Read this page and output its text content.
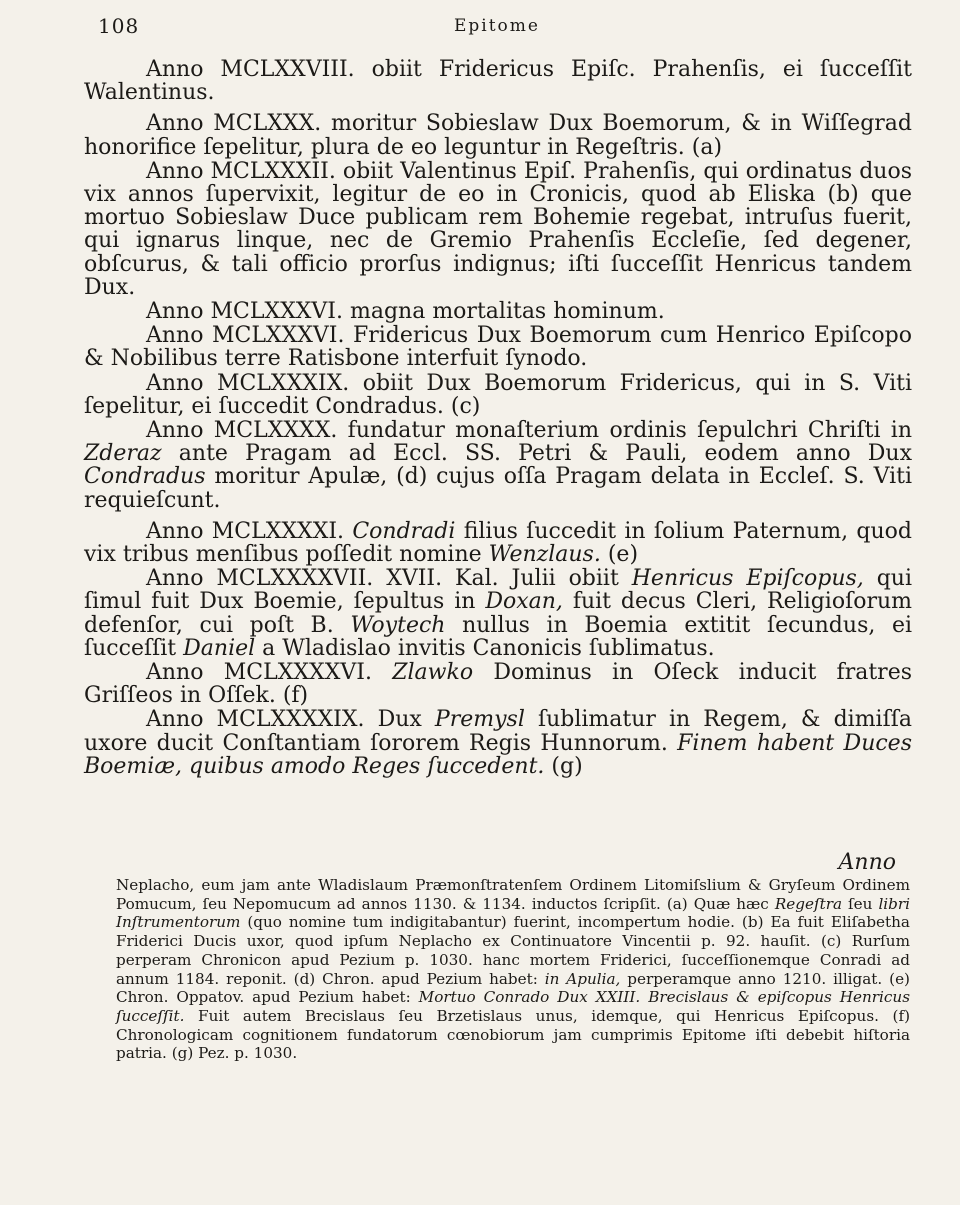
108	Epitome

Anno MCLXXVIII. obiit Fridericus Epiſc. Prahenſis, ei ſucceſſit Walentinus.

Anno MCLXXX. moritur Sobieslaw Dux Boemorum, & in Wiſſegrad honorifice ſepelitur, plura de eo leguntur in Regeſtris. (a)

Anno MCLXXXII. obiit Valentinus Epiſ. Prahenſis, qui ordinatus duos vix annos ſupervixit, legitur de eo in Cronicis, quod ab Eliska (b) que mortuo Sobieslaw Duce publicam rem Bohemie regebat, intruſus fuerit, qui ignarus linque, nec de Gremio Prahenſis Eccleſie, ſed degener, obſcurus, & tali officio prorſus indignus; iſti ſucceſſit Henricus tandem Dux.

Anno MCLXXXVI. magna mortalitas hominum.

Anno MCLXXXVI. Fridericus Dux Boemorum cum Henrico Epiſcopo & Nobilibus terre Ratisbone interfuit ſynodo.

Anno MCLXXXIX. obiit Dux Boemorum Fridericus, qui in S. Viti ſepelitur, ei ſuccedit Condradus. (c)

Anno MCLXXXX. fundatur monaſterium ordinis ſepulchri Chriſti in Zderaz ante Pragam ad Eccl. SS. Petri & Pauli, eodem anno Dux Condradus moritur Apulæ, (d) cujus oſſa Pragam delata in Eccleſ. S. Viti requieſcunt.

Anno MCLXXXXI. Condradi filius ſuccedit in ſolium Paternum, quod vix tribus menſibus poſſedit nomine Wenzlaus. (e)

Anno MCLXXXXVII. XVII. Kal. Julii obiit Henricus Epiſcopus, qui ſimul fuit Dux Boemie, ſepultus in Doxan, fuit decus Cleri, Religioſorum defenſor, cui poſt B. Woytech nullus in Boemia extitit ſecundus, ei ſucceſſit Daniel a Wladislao invitis Canonicis ſublimatus.

Anno MCLXXXXVI. Zlawko Dominus in Oſeck inducit fratres Griſſeos in Oſſek. (f)

Anno MCLXXXXIX. Dux Premysl ſublimatur in Regem, & dimiſſa uxore ducit Conſtantiam ſororem Regis Hunnorum. Finem habent Duces Boemiæ, quibus amodo Reges ſuccedent. (g)

Anno

Neplacho, eum jam ante Wladislaum Præmonſtratenſem Ordinem Litomiſslium & Gryſeum Ordinem Pomucum, ſeu Nepomucum ad annos 1130. & 1134. inductos ſcripſit. (a) Quæ hæc Regeſtra ſeu libri Inſtrumentorum (quo nomine tum indigitabantur) fuerint, incompertum hodie. (b) Ea fuit Eliſabetha Friderici Ducis uxor, quod ipſum Neplacho ex Continuatore Vincentii p. 92. hauſit. (c) Rurſum perperam Chronicon apud Pezium p. 1030. hanc mortem Friderici, ſucceſſionemque Conradi ad annum 1184. reponit. (d) Chron. apud Pezium habet: in Apulia, perperamque anno 1210. illigat. (e) Chron. Oppatov. apud Pezium habet: Mortuo Conrado Dux XXIII. Brecislaus & epiſcopus Henricus ſucceſſit. Fuit autem Brecislaus ſeu Brzetislaus unus, idemque, qui Henricus Epiſcopus. (f) Chronologicam cognitionem fundatorum cœnobiorum jam cumprimis Epitome iſti debebit hiſtoria patria. (g) Pez. p. 1030.
